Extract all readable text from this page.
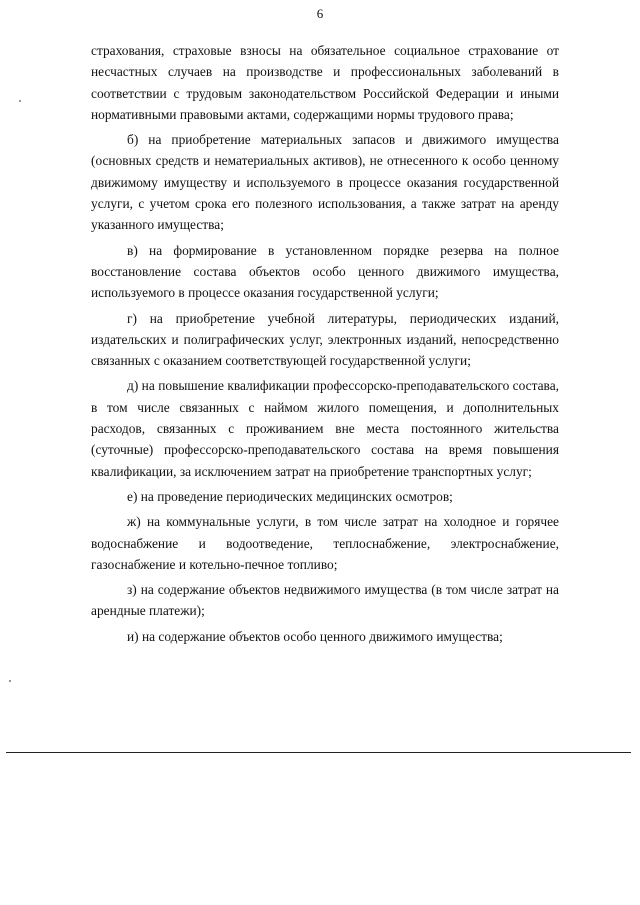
6

страхования, страховые взносы на обязательное социальное страхование от несчастных случаев на производстве и профессиональных заболеваний в соответствии с трудовым законодательством Российской Федерации и иными нормативными правовыми актами, содержащими нормы трудового права;

б) на приобретение материальных запасов и движимого имущества (основных средств и нематериальных активов), не отнесенного к особо ценному движимому имуществу и используемого в процессе оказания государственной услуги, с учетом срока его полезного использования, а также затрат на аренду указанного имущества;

в) на формирование в установленном порядке резерва на полное восстановление состава объектов особо ценного движимого имущества, используемого в процессе оказания государственной услуги;

г) на приобретение учебной литературы, периодических изданий, издательских и полиграфических услуг, электронных изданий, непосредственно связанных с оказанием соответствующей государственной услуги;

д) на повышение квалификации профессорско-преподавательского состава, в том числе связанных с наймом жилого помещения, и дополнительных расходов, связанных с проживанием вне места постоянного жительства (суточные) профессорско-преподавательского состава на время повышения квалификации, за исключением затрат на приобретение транспортных услуг;

е) на проведение периодических медицинских осмотров;

ж) на коммунальные услуги, в том числе затрат на холодное и горячее водоснабжение и водоотведение, теплоснабжение, электроснабжение, газоснабжение и котельно-печное топливо;

з) на содержание объектов недвижимого имущества (в том числе затрат на арендные платежи);

и) на содержание объектов особо ценного движимого имущества;
